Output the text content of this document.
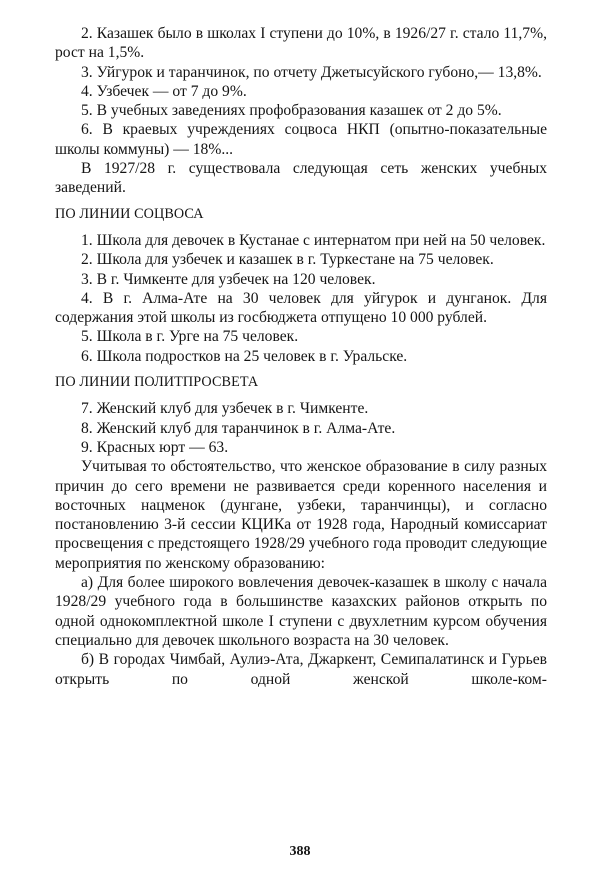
2. Казашек было в школах I ступени до 10%, в 1926/27 г. стало 11,7%, рост на 1,5%.

3. Уйгурок и таранчинок, по отчету Джетысуйского губоно,— 13,8%.

4. Узбечек — от 7 до 9%.

5. В учебных заведениях профобразования казашек от 2 до 5%.

6. В краевых учреждениях соцвоса НКП (опытно-показательные школы коммуны) — 18%...

В 1927/28 г. существовала следующая сеть женских учебных заведений.

ПО ЛИНИИ СОЦВОСА

1. Школа для девочек в Кустанае с интернатом при ней на 50 человек.

2. Школа для узбечек и казашек в г. Туркестане на 75 человек.

3. В г. Чимкенте для узбечек на 120 человек.

4. В г. Алма-Ате на 30 человек для уйгурок и дунганок. Для содержания этой школы из госбюджета отпущено 10 000 рублей.

5. Школа в г. Урге на 75 человек.

6. Школа подростков на 25 человек в г. Уральске.

ПО ЛИНИИ ПОЛИТПРОСВЕТА

7. Женский клуб для узбечек в г. Чимкенте.

8. Женский клуб для таранчинок в г. Алма-Ате.

9. Красных юрт — 63.

Учитывая то обстоятельство, что женское образование в силу разных причин до сего времени не развивается среди коренного населения и восточных нацменок (дунгане, узбеки, таранчинцы), и согласно постановлению 3-й сессии КЦИКа от 1928 года, Народный комиссариат просвещения с предстоящего 1928/29 учебного года проводит следующие мероприятия по женскому образованию:

а) Для более широкого вовлечения девочек-казашек в школу с начала 1928/29 учебного года в большинстве казахских районов открыть по одной однокомплектной школе I ступени с двухлетним курсом обучения специально для девочек школьного возраста на 30 человек.

б) В городах Чимбай, Аулиэ-Ата, Джаркент, Семипалатинск и Гурьев открыть по одной женской школе-ком-

388
